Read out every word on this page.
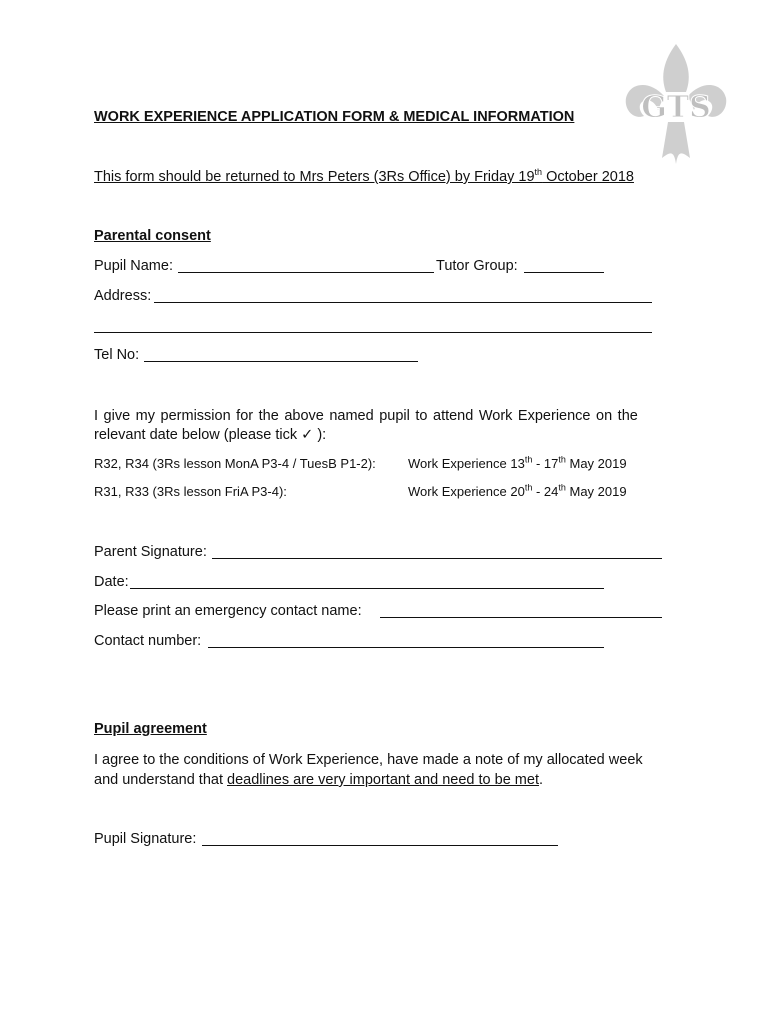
GTS
WORK EXPERIENCE APPLICATION FORM & MEDICAL INFORMATION
This form should be returned to Mrs Peters (3Rs Office) by Friday 19th October 2018
Parental consent
Pupil Name:	Tutor Group:
Address:
Tel No:
I give my permission for the above named pupil to attend Work Experience on the
relevant date below (please tick ✓ ):
R32, R34 (3Rs lesson MonA P3-4 / TuesB P1-2): Work Experience 13th - 17th May 2019
R31, R33 (3Rs lesson FriA P3-4):	Work Experience 20th - 24th May 2019
Parent Signature:
Date:
Please print an emergency contact name:
Contact number:
Pupil agreement
I agree to the conditions of Work Experience, have made a note of my allocated week
and understand that deadlines are very important and need to be met.
Pupil Signature:
